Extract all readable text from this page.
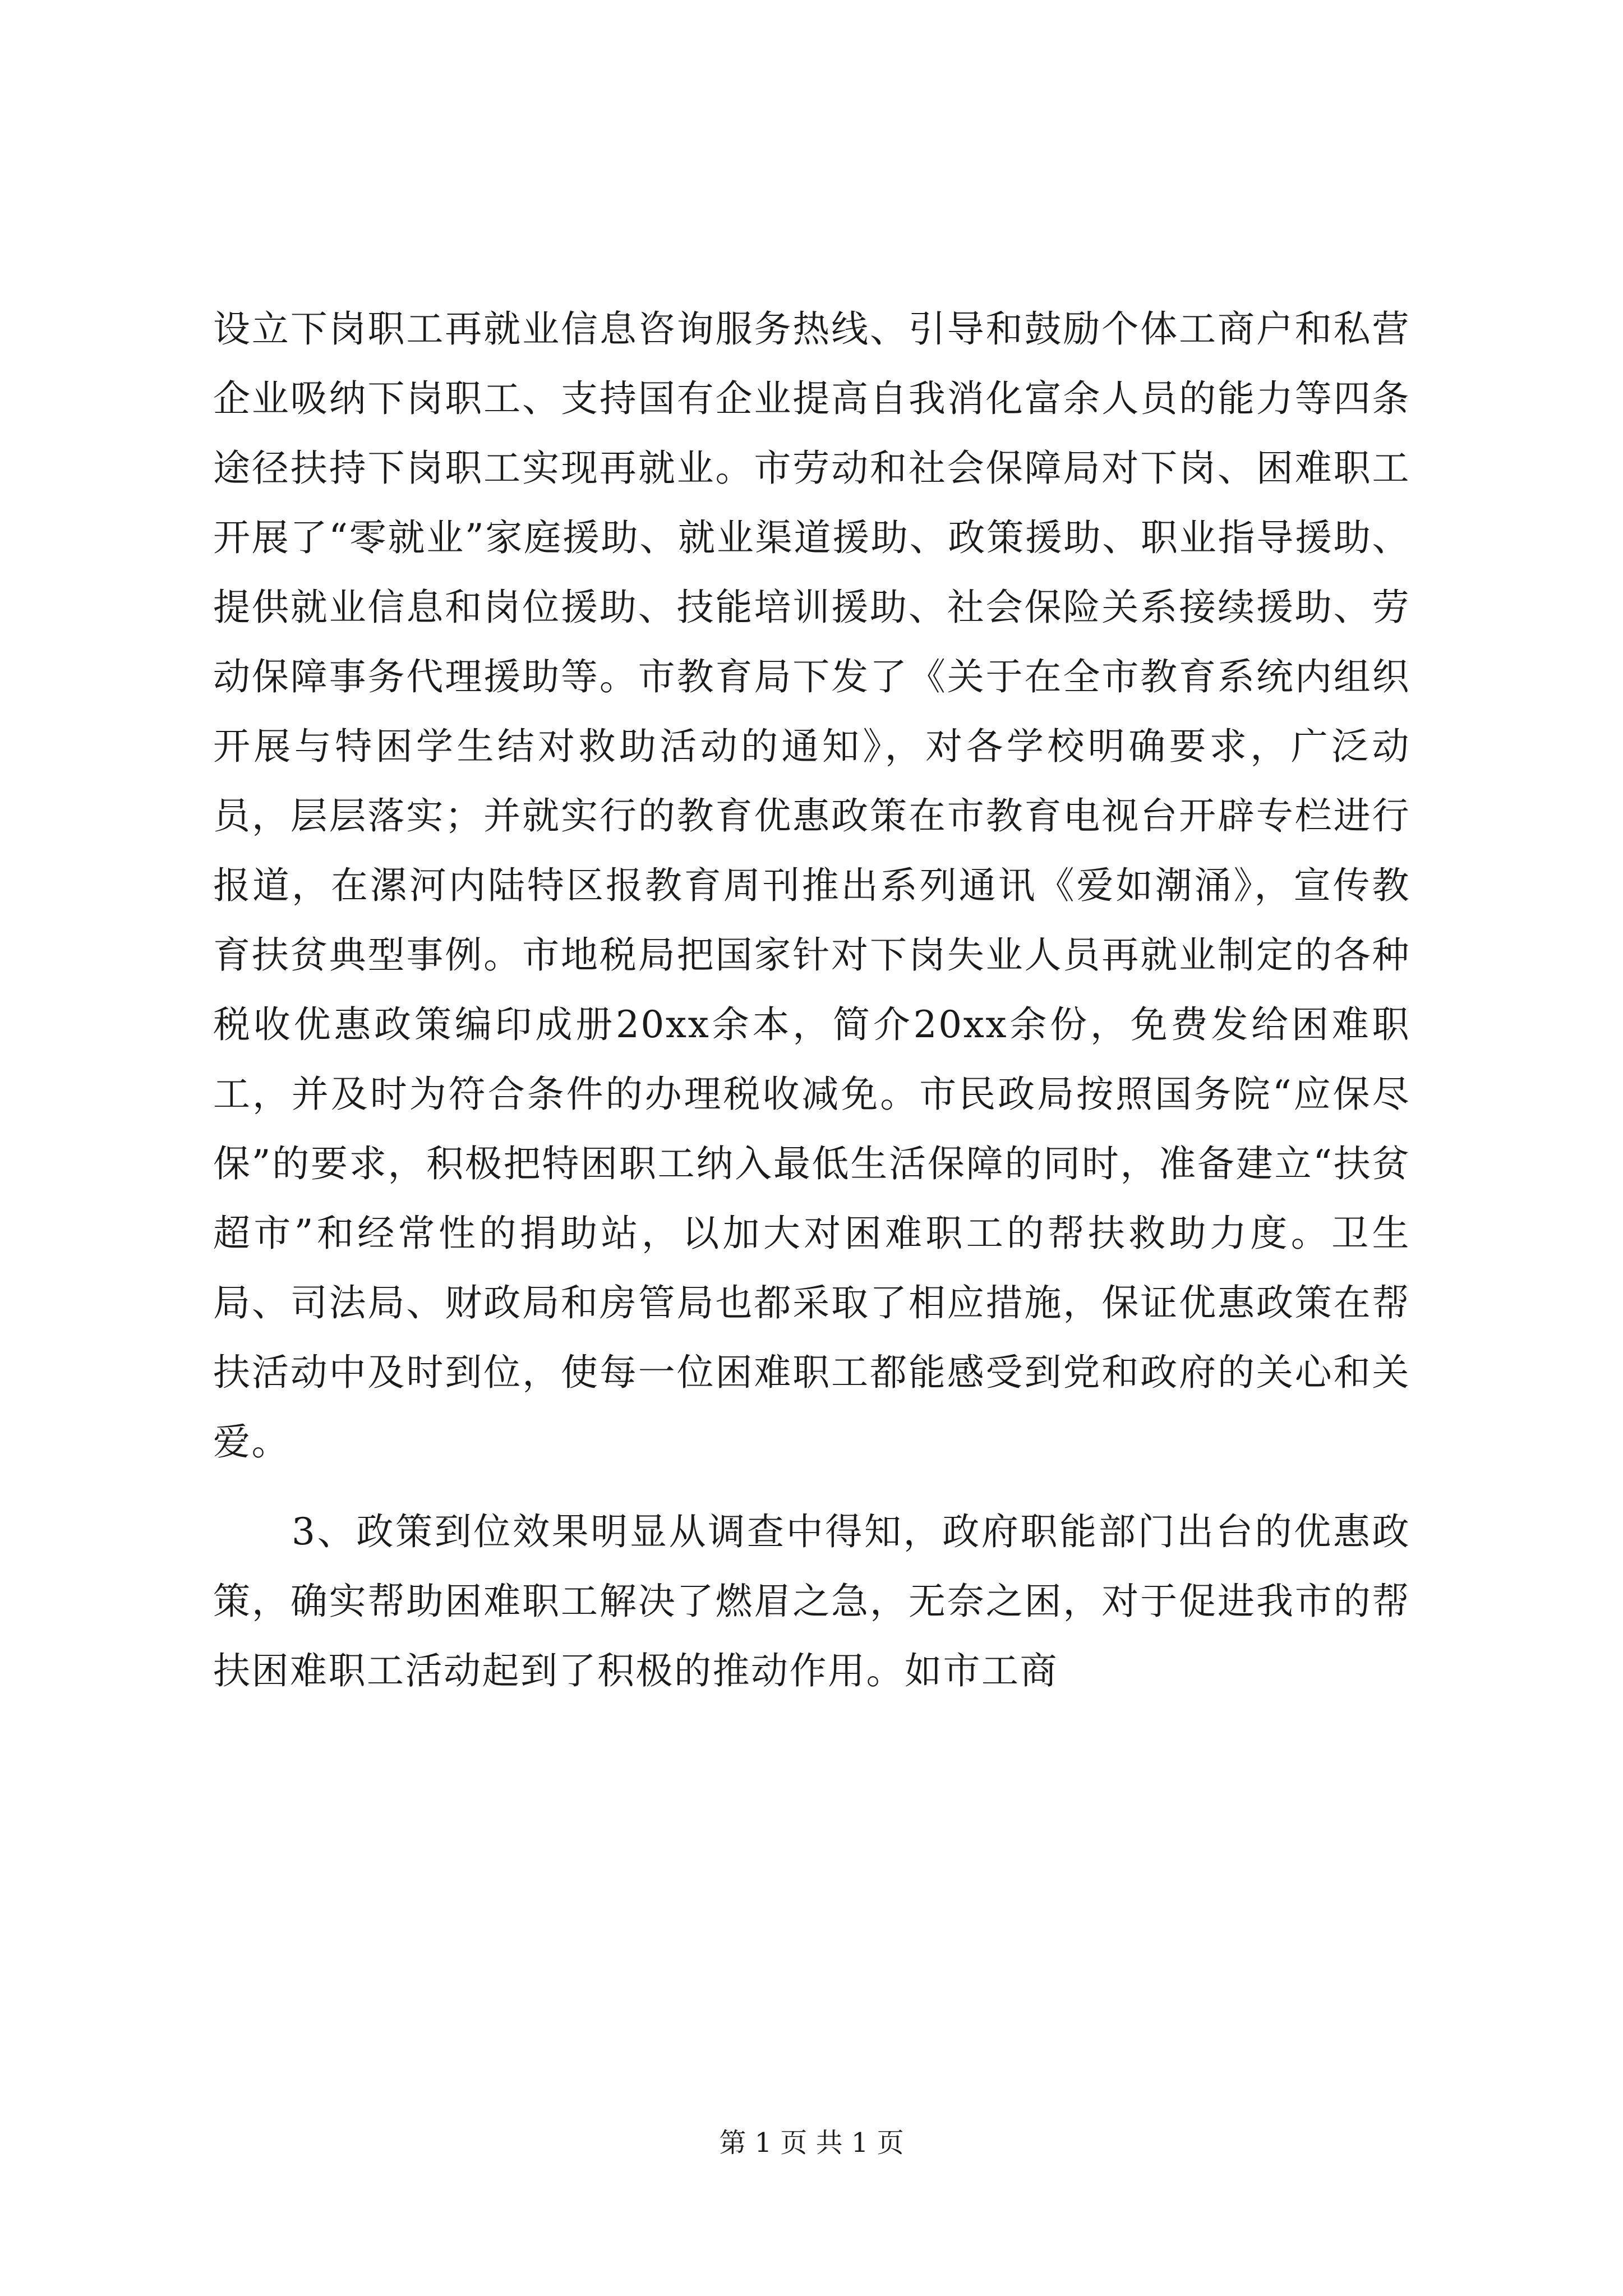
设立下岗职工再就业信息咨询服务热线、引导和鼓励个体工商户和私营企业吸纳下岗职工、支持国有企业提高自我消化富余人员的能力等四条途径扶持下岗职工实现再就业。市劳动和社会保障局对下岗、困难职工开展了“零就业”家庭援助、就业渠道援助、政策援助、职业指导援助、提供就业信息和岗位援助、技能培训援助、社会保险关系接续援助、劳动保障事务代理援助等。市教育局下发了《关于在全市教育系统内组织开展与特困学生结对救助活动的通知》，对各学校明确要求，广泛动员，层层落实；并就实行的教育优惠政策在市教育电视台开辟专栏进行报道，在漯河内陆特区报教育周刊推出系列通讯《爱如潮涌》，宣传教育扶贫典型事例。市地税局把国家针对下岗失业人员再就业制定的各种税收优惠政策编印成册20xx余本，简介20xx余份，免费发给困难职工，并及时为符合条件的办理税收减免。市民政局按照国务院“应保尽保”的要求，积极把特困职工纳入最低生活保障的同时，准备建立“扶贫超市”和经常性的捐助站，以加大对困难职工的帮扶救助力度。卫生局、司法局、财政局和房管局也都采取了相应措施，保证优惠政策在帮扶活动中及时到位，使每一位困难职工都能感受到党和政府的关心和关爱。

3、政策到位效果明显从调查中得知，政府职能部门出台的优惠政策，确实帮助困难职工解决了燃眉之急，无奈之困，对于促进我市的帮扶困难职工活动起到了积极的推动作用。如市工商

第 1 页 共 1 页
